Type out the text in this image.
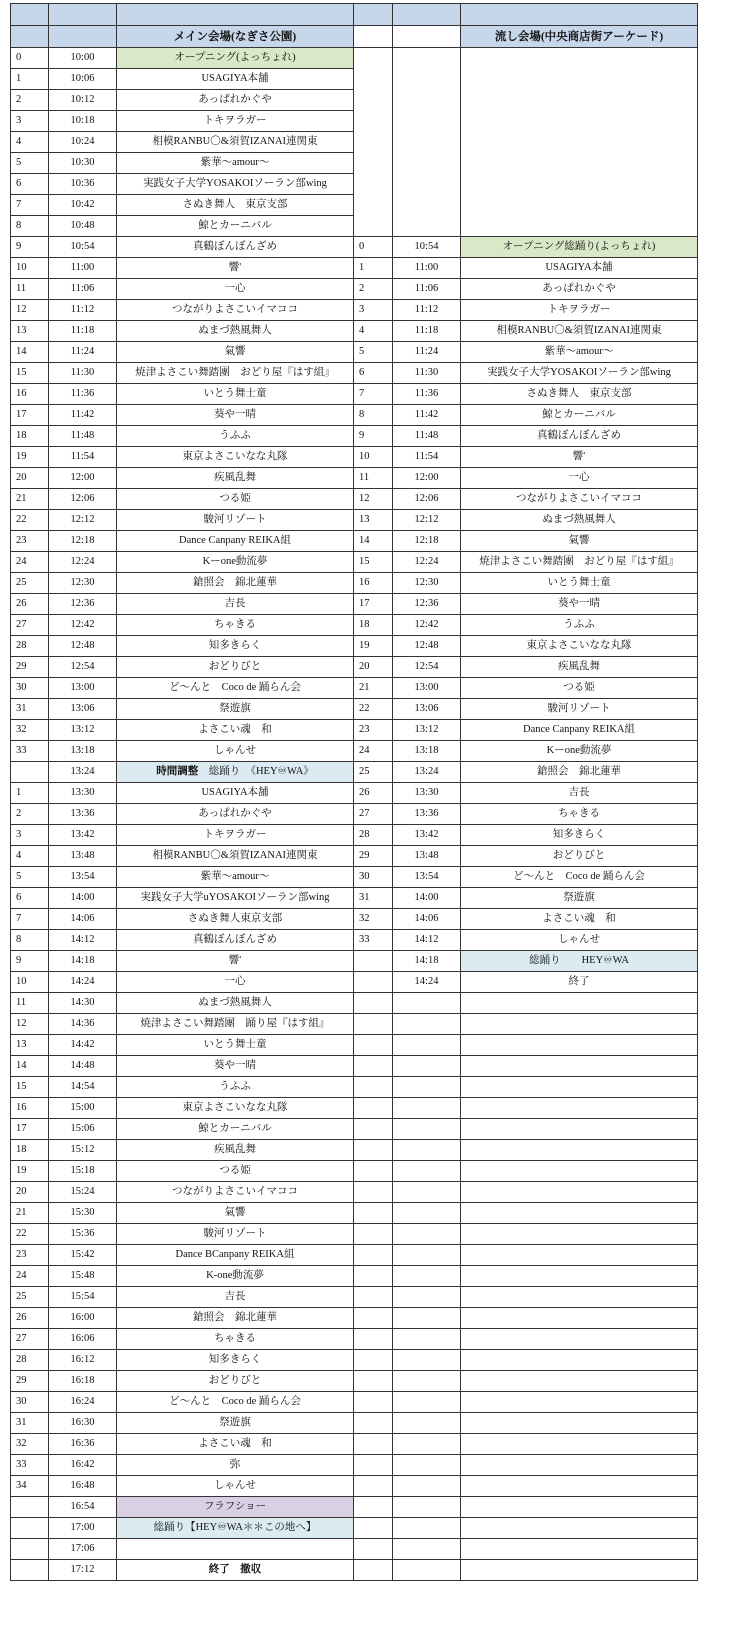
		メイン会場(なぎさ公園)			流し会場(中央商店街アーケード)
0	10:00	オープニング(よっちょれ)			
1	10:06	USAGIYA本舗			
2	10:12	あっぱれかぐや			
3	10:18	トキヲラガー			
4	10:24	相模RANBU〇&須賀IZANAI連関東			
5	10:30	紫華〜amour〜			
6	10:36	実践女子大学YOSAKOIソーラン部wing			
7	10:42	さぬき舞人　東京支部			
8	10:48	鯨とカーニバル			
9	10:54	真鶴ぼんぼんざめ	0	10:54	オープニング総踊り(よっちょれ)
10	11:00	響'	1	11:00	USAGIYA本舗
11	11:06	一心	2	11:06	あっぱれかぐや
12	11:12	つながりよさこいイマココ	3	11:12	トキヲラガー
13	11:18	ぬまづ熱風舞人	4	11:18	相模RANBU〇&須賀IZANAI連関東
14	11:24	氣響	5	11:24	紫華〜amour〜
15	11:30	焼津よさこい舞踏團　おどり屋『はす組』	6	11:30	実践女子大学YOSAKOIソーラン部wing
16	11:36	いとう舞士童	7	11:36	さぬき舞人　東京支部
17	11:42	葵や一晴	8	11:42	鯨とカーニバル
18	11:48	うふふ	9	11:48	真鶴ぼんぼんざめ
19	11:54	東京よさこいなな丸隊	10	11:54	響'
20	12:00	疾風乱舞	11	12:00	一心
21	12:06	つる姫	12	12:06	つながりよさこいイマココ
22	12:12	駿河リゾート	13	12:12	ぬまづ熱風舞人
23	12:18	Dance Canpany REIKA組	14	12:18	氣響
24	12:24	Kーone動流夢	15	12:24	焼津よさこい舞踏團　おどり屋『はす組』
25	12:30	鎗照会　錦北蓮華	16	12:30	いとう舞士童
26	12:36	吉長	17	12:36	葵や一晴
27	12:42	ちゃきる	18	12:42	うふふ
28	12:48	知多きらく	19	12:48	東京よさこいなな丸隊
29	12:54	おどりびと	20	12:54	疾風乱舞
30	13:00	ど〜んと　Coco de 踊らん会	21	13:00	つる姫
31	13:06	祭遊旗	22	13:06	駿河リゾート
32	13:12	よさこい魂　和	23	13:12	Dance Canpany REIKA組
33	13:18	しゃんせ	24	13:18	Kーone動流夢
	13:24	時間調整　総踊り　《HEY♾WA》	25	13:24	鎗照会　錦北蓮華
1	13:30	USAGIYA本舗	26	13:30	吉長
2	13:36	あっぱれかぐや	27	13:36	ちゃきる
3	13:42	トキヲラガー	28	13:42	知多きらく
4	13:48	相模RANBU〇&須賀IZANAI連関東	29	13:48	おどりびと
5	13:54	紫華〜amour〜	30	13:54	ど〜んと　Coco de 踊らん会
6	14:00	実践女子大学uYOSAKOIソーラン部wing	31	14:00	祭遊旗
7	14:06	さぬき舞人東京支部	32	14:06	よさこい魂　和
8	14:12	真鶴ぼんぼんざめ	33	14:12	しゃんせ
9	14:18	響'		14:18	総踊り　　HEY♾WA
10	14:24	一心		14:24	終了
11	14:30	ぬまづ熱風舞人			
12	14:36	焼津よさこい舞踏團　踊り屋『はす組』			
13	14:42	いとう舞士童			
14	14:48	葵や一晴			
15	14:54	うふふ			
16	15:00	東京よさこいなな丸隊			
17	15:06	鯨とカーニバル			
18	15:12	疾風乱舞			
19	15:18	つる姫			
20	15:24	つながりよさこいイマココ			
21	15:30	氣響			
22	15:36	駿河リゾート			
23	15:42	Dance BCanpany REIKA組			
24	15:48	K-one動流夢			
25	15:54	吉長			
26	16:00	鎗照会　錦北蓮華			
27	16:06	ちゃきる			
28	16:12	知多きらく			
29	16:18	おどりびと			
30	16:24	ど〜んと　Coco de 踊らん会			
31	16:30	祭遊旗			
32	16:36	よさこい魂　和			
33	16:42	弥			
34	16:48	しゃんせ			
	16:54	フラフショー			
	17:00	総踊り【HEY♾WA＊＊この地へ】			
	17:06				
	17:12	終了　撤収			
